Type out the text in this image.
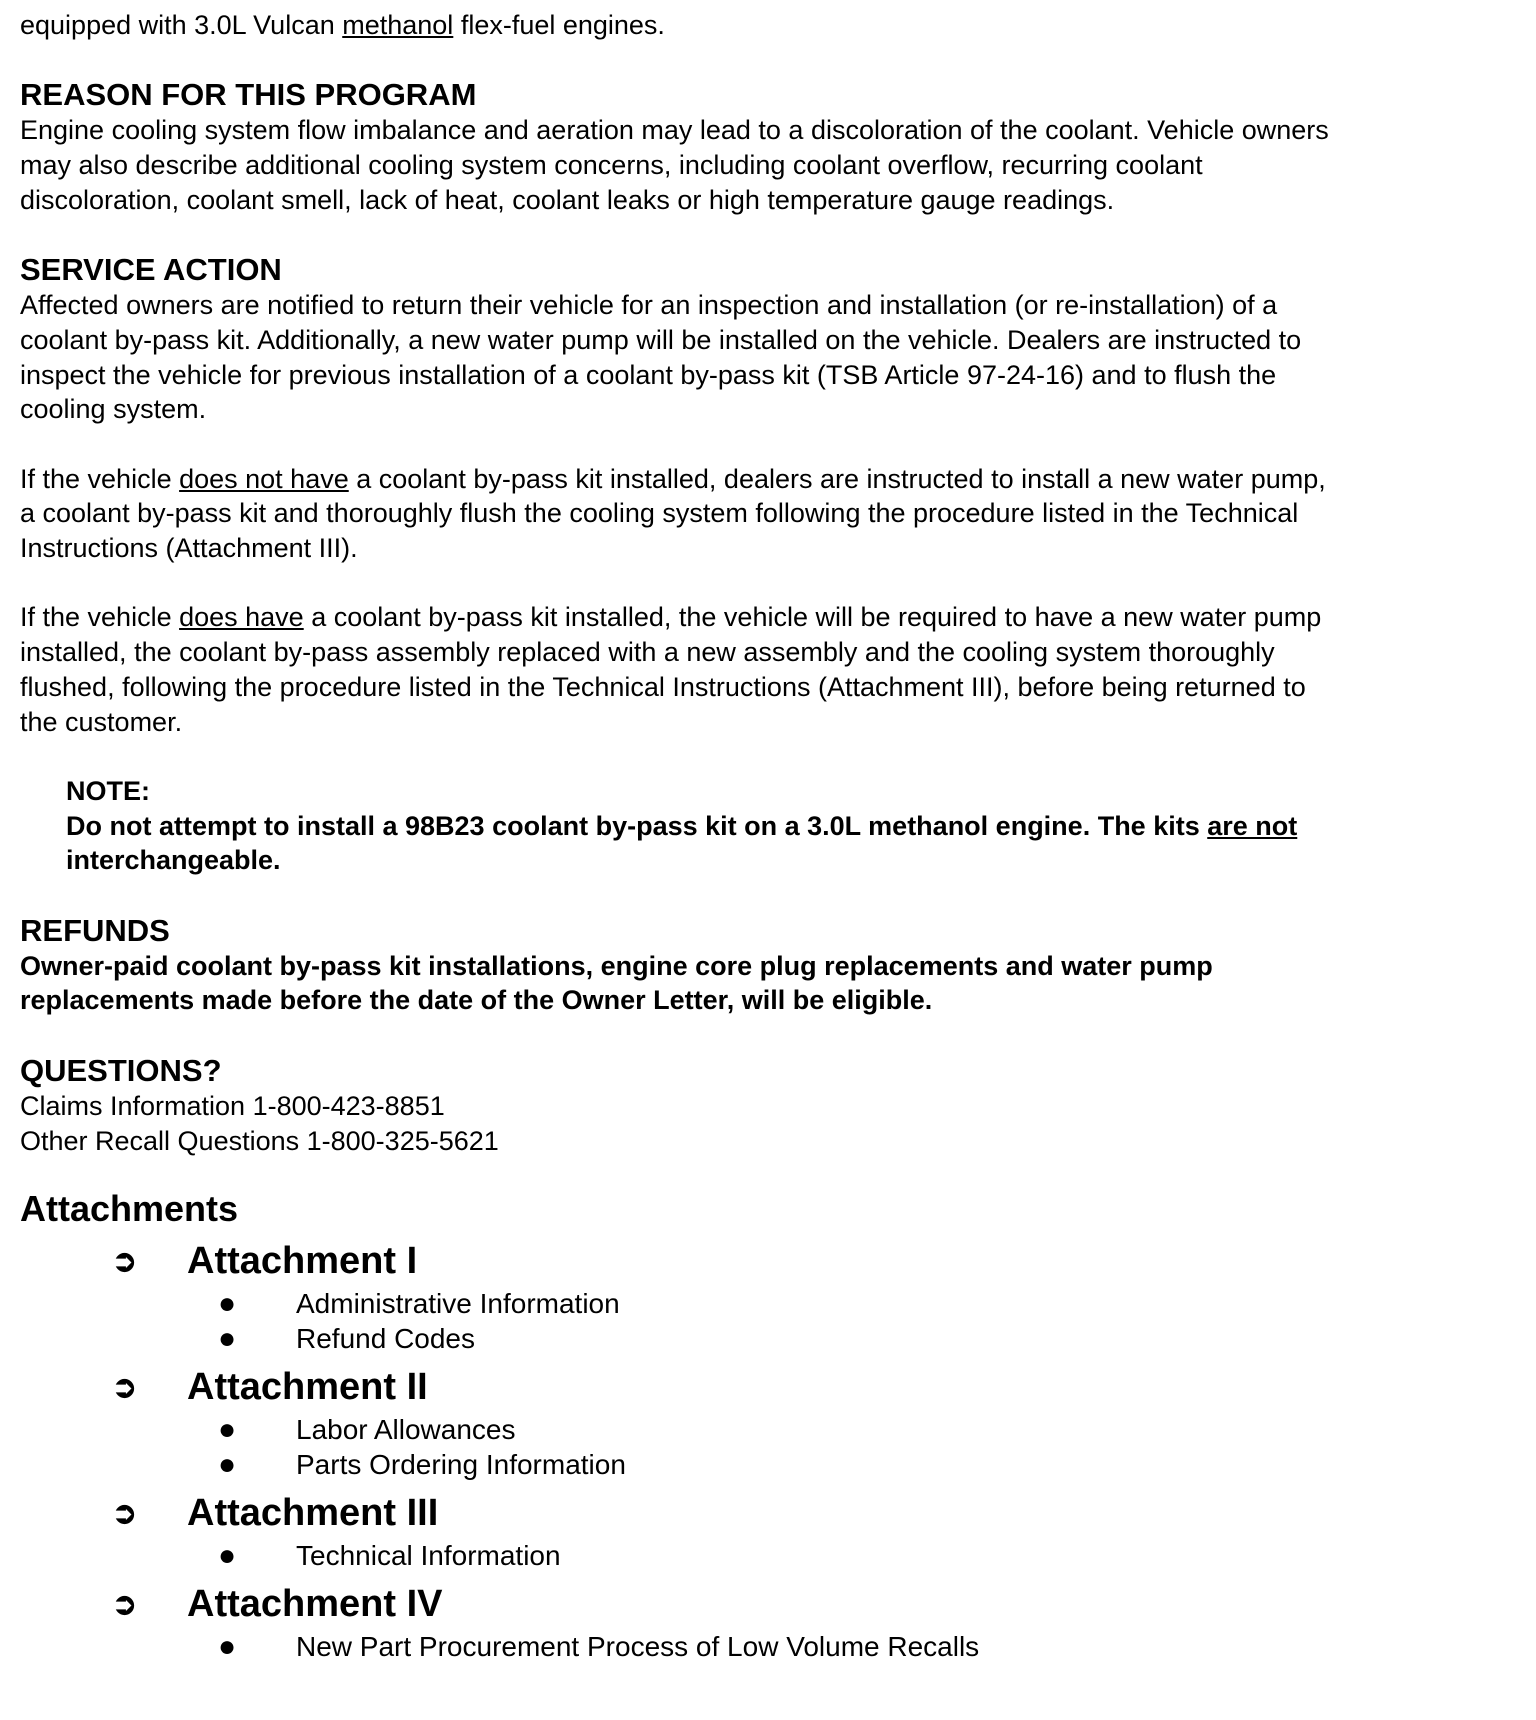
equipped with 3.0L Vulcan methanol flex-fuel engines.

REASON FOR THIS PROGRAM

Engine cooling system flow imbalance and aeration may lead to a discoloration of the coolant. Vehicle owners

may also describe additional cooling system concerns, including coolant overflow, recurring coolant

discoloration, coolant smell, lack of heat, coolant leaks or high temperature gauge readings.

SERVICE ACTION

Affected owners are notified to return their vehicle for an inspection and installation (or re-installation) of a

coolant by-pass kit. Additionally, a new water pump will be installed on the vehicle. Dealers are instructed to

inspect the vehicle for previous installation of a coolant by-pass kit (TSB Article 97-24-16) and to flush the

cooling system.

If the vehicle does not have a coolant by-pass kit installed, dealers are instructed to install a new water pump,

a coolant by-pass kit and thoroughly flush the cooling system following the procedure listed in the Technical

Instructions (Attachment III).

If the vehicle does have a coolant by-pass kit installed, the vehicle will be required to have a new water pump

installed, the coolant by-pass assembly replaced with a new assembly and the cooling system thoroughly

flushed, following the procedure listed in the Technical Instructions (Attachment III), before being returned to

the customer.

NOTE:

Do not attempt to install a 98B23 coolant by-pass kit on a 3.0L methanol engine. The kits are not

interchangeable.

REFUNDS

Owner-paid coolant by-pass kit installations, engine core plug replacements and water pump

replacements made before the date of the Owner Letter, will be eligible.

QUESTIONS?

Claims Information 1-800-423-8851

Other Recall Questions 1-800-325-5621

Attachments

➲	Attachment I
●	Administrative Information
●	Refund Codes
➲	Attachment II
●	Labor Allowances
●	Parts Ordering Information
➲	Attachment III
●	Technical Information
➲	Attachment IV
●	New Part Procurement Process of Low Volume Recalls
